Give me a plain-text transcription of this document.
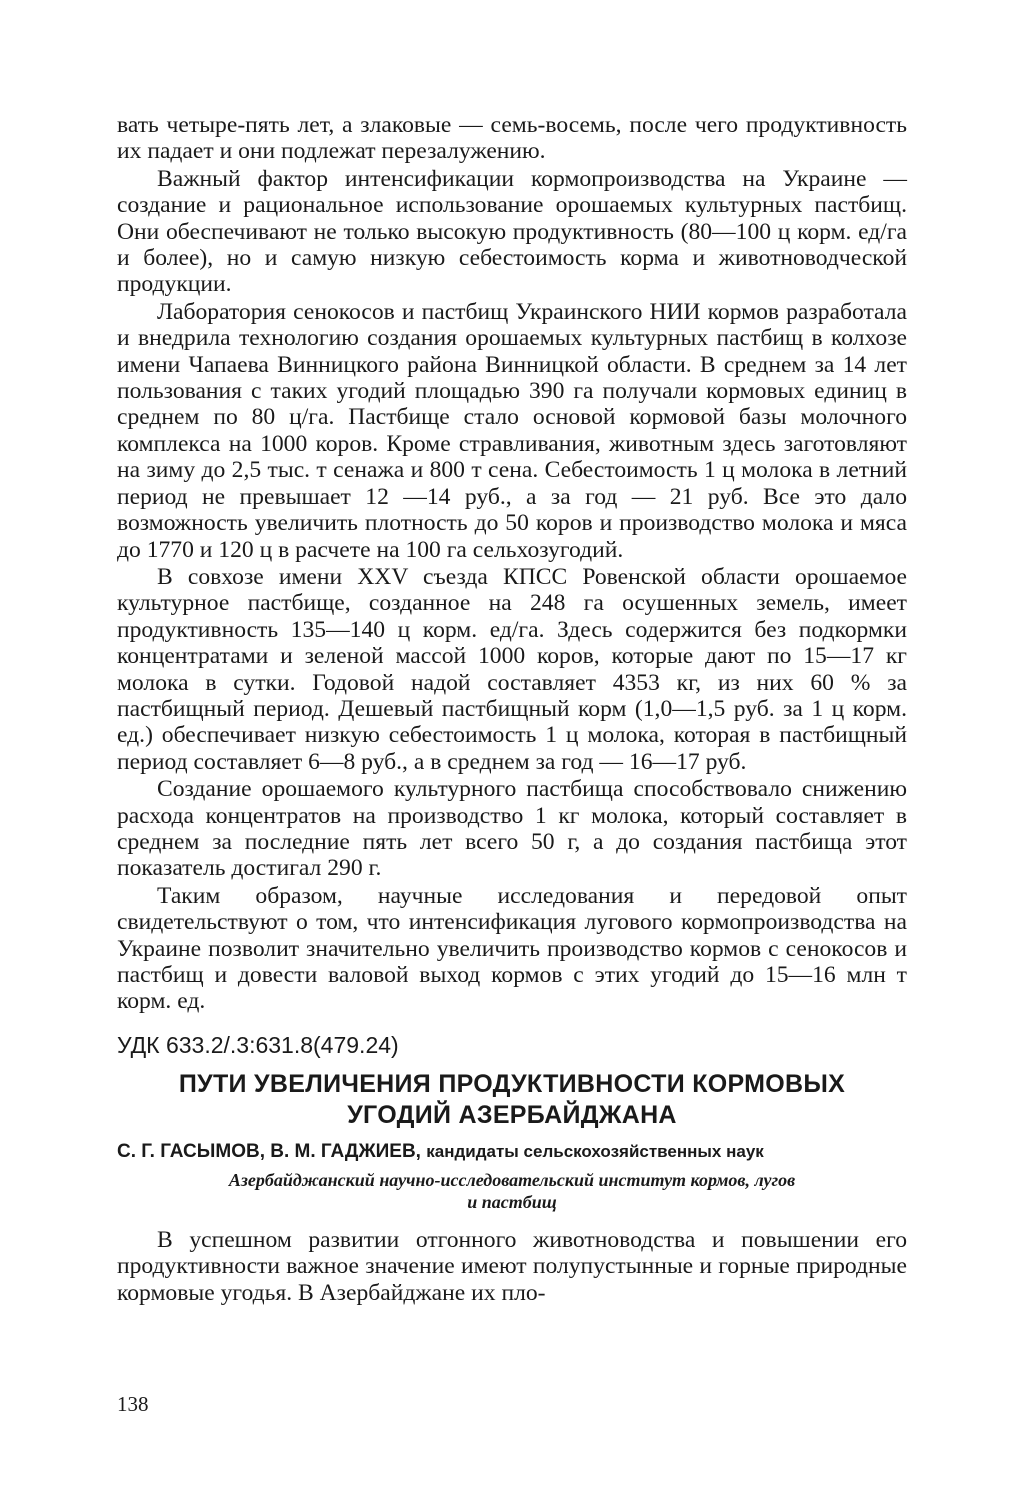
вать четыре-пять лет, а злаковые — семь-восемь, после чего продуктивность их падает и они подлежат перезалужению.

Важный фактор интенсификации кормопроизводства на Украине — создание и рациональное использование орошаемых культурных пастбищ. Они обеспечивают не только высокую продуктивность (80—100 ц корм. ед/га и более), но и самую низкую себестоимость корма и животноводческой продукции.

Лаборатория сенокосов и пастбищ Украинского НИИ кормов разработала и внедрила технологию создания орошаемых культурных пастбищ в колхозе имени Чапаева Винницкого района Винницкой области. В среднем за 14 лет пользования с таких угодий площадью 390 га получали кормовых единиц в среднем по 80 ц/га. Пастбище стало основой кормовой базы молочного комплекса на 1000 коров. Кроме стравливания, животным здесь заготовляют на зиму до 2,5 тыс. т сенажа и 800 т сена. Себестоимость 1 ц молока в летний период не превышает 12 —14 руб., а за год — 21 руб. Все это дало возможность увеличить плотность до 50 коров и производство молока и мяса до 1770 и 120 ц в расчете на 100 га сельхозугодий.

В совхозе имени XXV съезда КПСС Ровенской области орошаемое культурное пастбище, созданное на 248 га осушенных земель, имеет продуктивность 135—140 ц корм. ед/га. Здесь содержится без подкормки концентратами и зеленой массой 1000 коров, которые дают по 15—17 кг молока в сутки. Годовой надой составляет 4353 кг, из них 60 % за пастбищный период. Дешевый пастбищный корм (1,0—1,5 руб. за 1 ц корм. ед.) обеспечивает низкую себестоимость 1 ц молока, которая в пастбищный период составляет 6—8 руб., а в среднем за год — 16—17 руб.

Создание орошаемого культурного пастбища способствовало снижению расхода концентратов на производство 1 кг молока, который составляет в среднем за последние пять лет всего 50 г, а до создания пастбища этот показатель достигал 290 г.

Таким образом, научные исследования и передовой опыт свидетельствуют о том, что интенсификация лугового кормопроизводства на Украине позволит значительно увеличить производство кормов с сенокосов и пастбищ и довести валовой выход кормов с этих угодий до 15—16 млн т корм. ед.

УДК 633.2/.3:631.8(479.24)
ПУТИ УВЕЛИЧЕНИЯ ПРОДУКТИВНОСТИ КОРМОВЫХ
УГОДИЙ АЗЕРБАЙДЖАНА
С. Г. ГАСЫМОВ, В. М. ГАДЖИЕВ, кандидаты сельскохозяйственных наук
Азербайджанский научно-исследовательский институт кормов, лугов
и пастбищ

В успешном развитии отгонного животноводства и повышении его продуктивности важное значение имеют полупустынные и горные природные кормовые угодья. В Азербайджане их пло-

138
